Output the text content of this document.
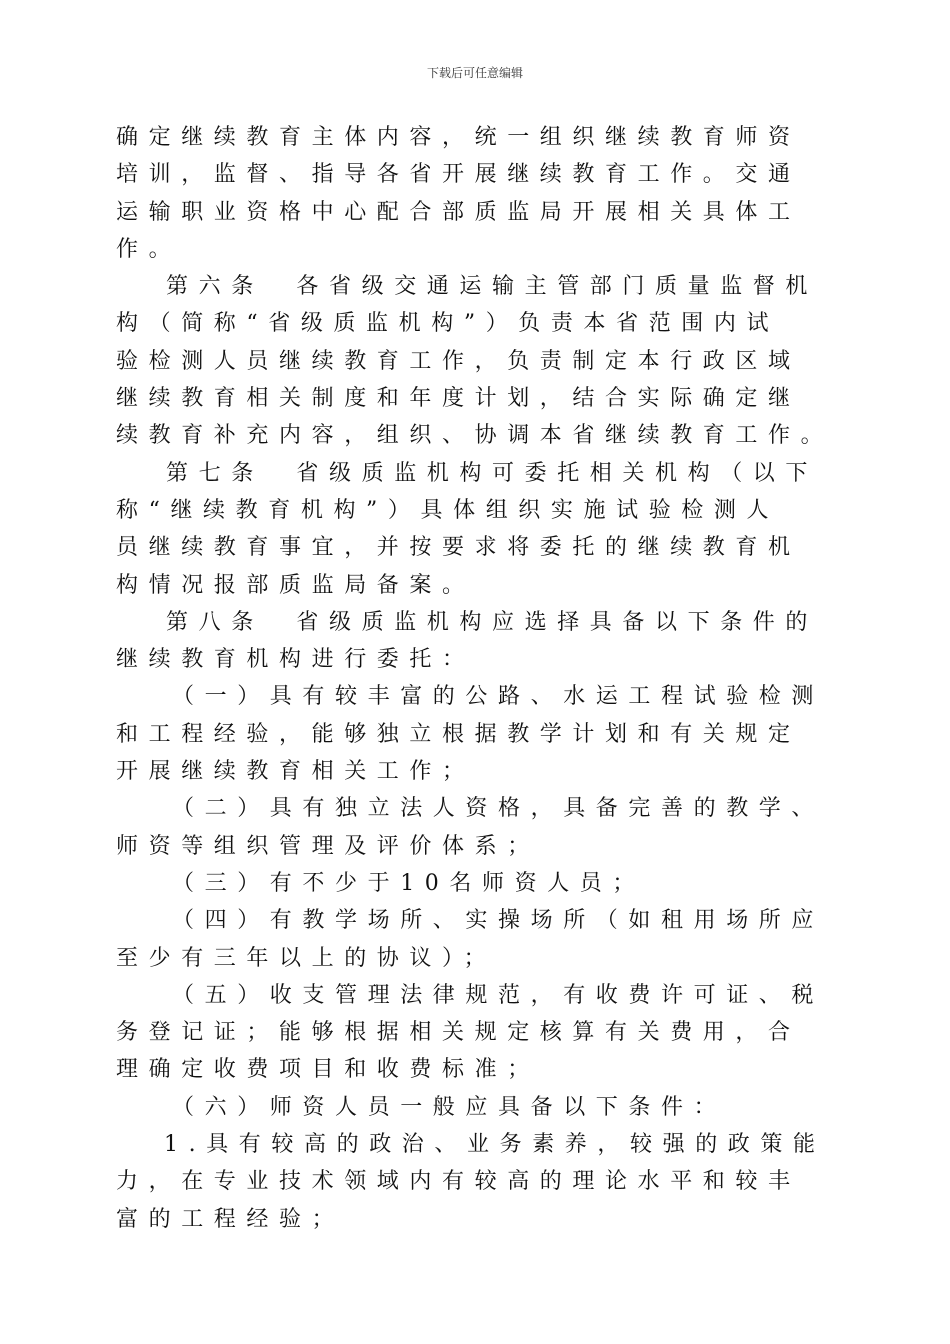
下载后可任意编辑
确定继续教育主体内容，统一组织继续教育师资
培训，监督、指导各省开展继续教育工作。交通
运输职业资格中心配合部质监局开展相关具体工
作。
第六条　各省级交通运输主管部门质量监督机
构（简称“省级质监机构”）负责本省范围内试
验检测人员继续教育工作，负责制定本行政区域
继续教育相关制度和年度计划，结合实际确定继
续教育补充内容，组织、协调本省继续教育工作。
第七条　省级质监机构可委托相关机构（以下
称“继续教育机构”）具体组织实施试验检测人
员继续教育事宜，并按要求将委托的继续教育机
构情况报部质监局备案。
第八条　省级质监机构应选择具备以下条件的
继续教育机构进行委托：
（一）具有较丰富的公路、水运工程试验检测
和工程经验，能够独立根据教学计划和有关规定
开展继续教育相关工作；
（二）具有独立法人资格，具备完善的教学、
师资等组织管理及评价体系；
（三）有不少于10名师资人员；
（四）有教学场所、实操场所（如租用场所应
至少有三年以上的协议）；
（五）收支管理法律规范，有收费许可证、税
务登记证；能够根据相关规定核算有关费用，合
理确定收费项目和收费标准；
（六）师资人员一般应具备以下条件：
1.具有较高的政治、业务素养，较强的政策能
力，在专业技术领域内有较高的理论水平和较丰
富的工程经验；
